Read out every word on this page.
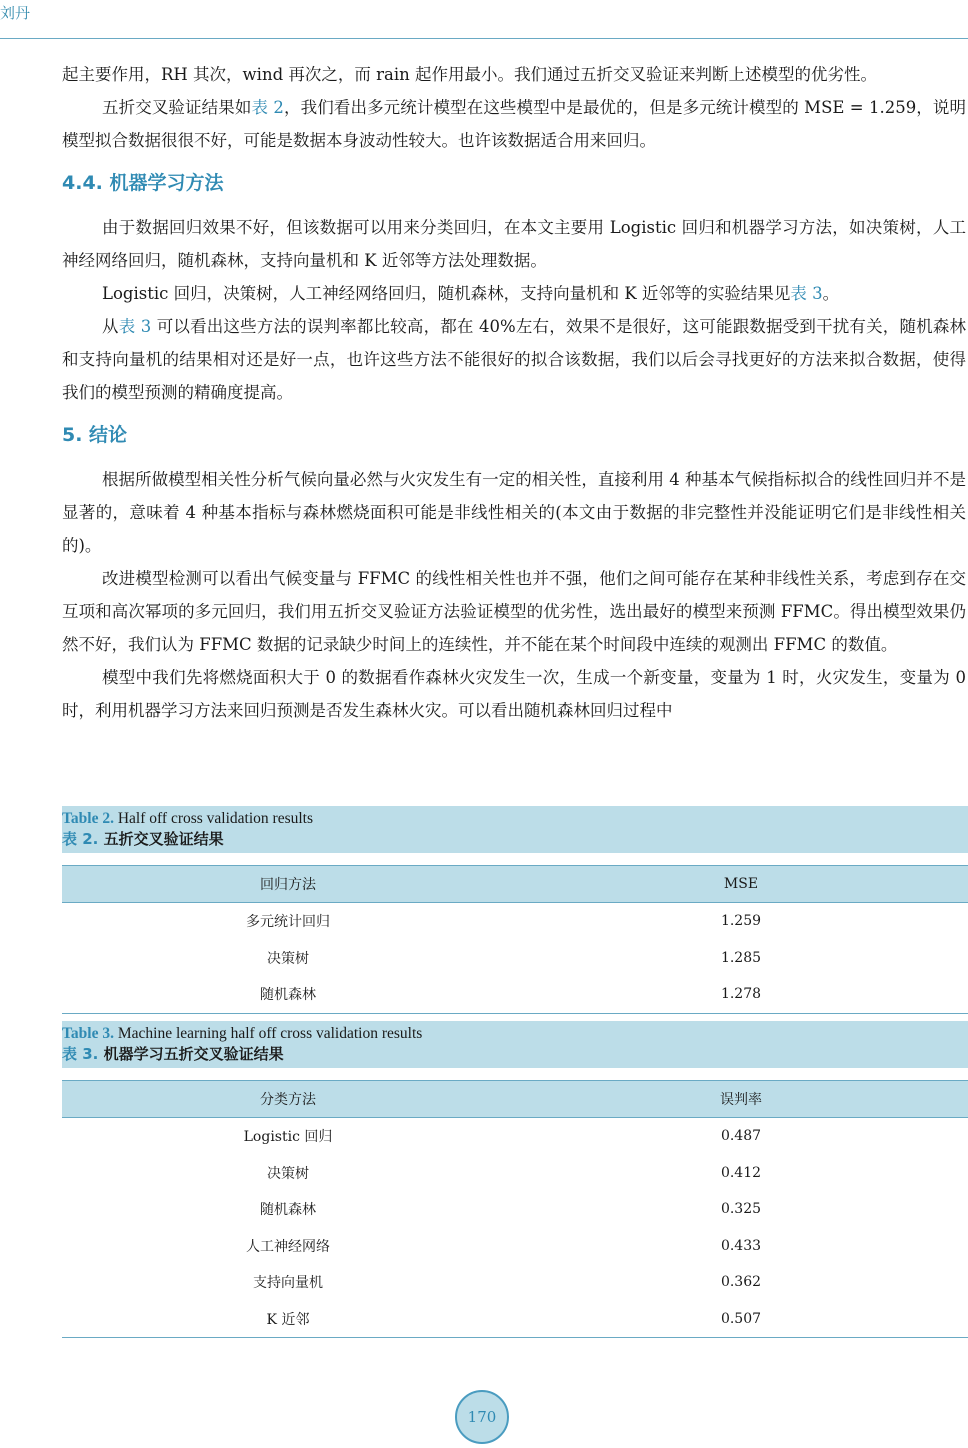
刘丹

起主要作用，RH 其次，wind 再次之，而 rain 起作用最小。我们通过五折交叉验证来判断上述模型的优劣性。

五折交叉验证结果如表 2，我们看出多元统计模型在这些模型中是最优的，但是多元统计模型的 MSE = 1.259，说明模型拟合数据很很不好，可能是数据本身波动性较大。也许该数据适合用来回归。

4.4. 机器学习方法

由于数据回归效果不好，但该数据可以用来分类回归，在本文主要用 Logistic 回归和机器学习方法，如决策树，人工神经网络回归，随机森林，支持向量机和 K 近邻等方法处理数据。

Logistic 回归，决策树，人工神经网络回归，随机森林，支持向量机和 K 近邻等的实验结果见表 3。

从表 3 可以看出这些方法的误判率都比较高，都在 40%左右，效果不是很好，这可能跟数据受到干扰有关，随机森林和支持向量机的结果相对还是好一点，也许这些方法不能很好的拟合该数据，我们以后会寻找更好的方法来拟合数据，使得我们的模型预测的精确度提高。

5. 结论

根据所做模型相关性分析气候向量必然与火灾发生有一定的相关性，直接利用 4 种基本气候指标拟合的线性回归并不是显著的，意味着 4 种基本指标与森林燃烧面积可能是非线性相关的(本文由于数据的非完整性并没能证明它们是非线性相关的)。

改进模型检测可以看出气候变量与 FFMC 的线性相关性也并不强，他们之间可能存在某种非线性关系，考虑到存在交互项和高次幂项的多元回归，我们用五折交叉验证方法验证模型的优劣性，选出最好的模型来预测 FFMC。得出模型效果仍然不好，我们认为 FFMC 数据的记录缺少时间上的连续性，并不能在某个时间段中连续的观测出 FFMC 的数值。

模型中我们先将燃烧面积大于 0 的数据看作森林火灾发生一次，生成一个新变量，变量为 1 时，火灾发生，变量为 0 时，利用机器学习方法来回归预测是否发生森林火灾。可以看出随机森林回归过程中

Table 2. Half off cross validation results
表 2. 五折交叉验证结果
回归方法	MSE
多元统计回归	1.259
决策树	1.285
随机森林	1.278
Table 3. Machine learning half off cross validation results
表 3. 机器学习五折交叉验证结果
分类方法	误判率
Logistic 回归	0.487
决策树	0.412
随机森林	0.325
人工神经网络	0.433
支持向量机	0.362
K 近邻	0.507
170
